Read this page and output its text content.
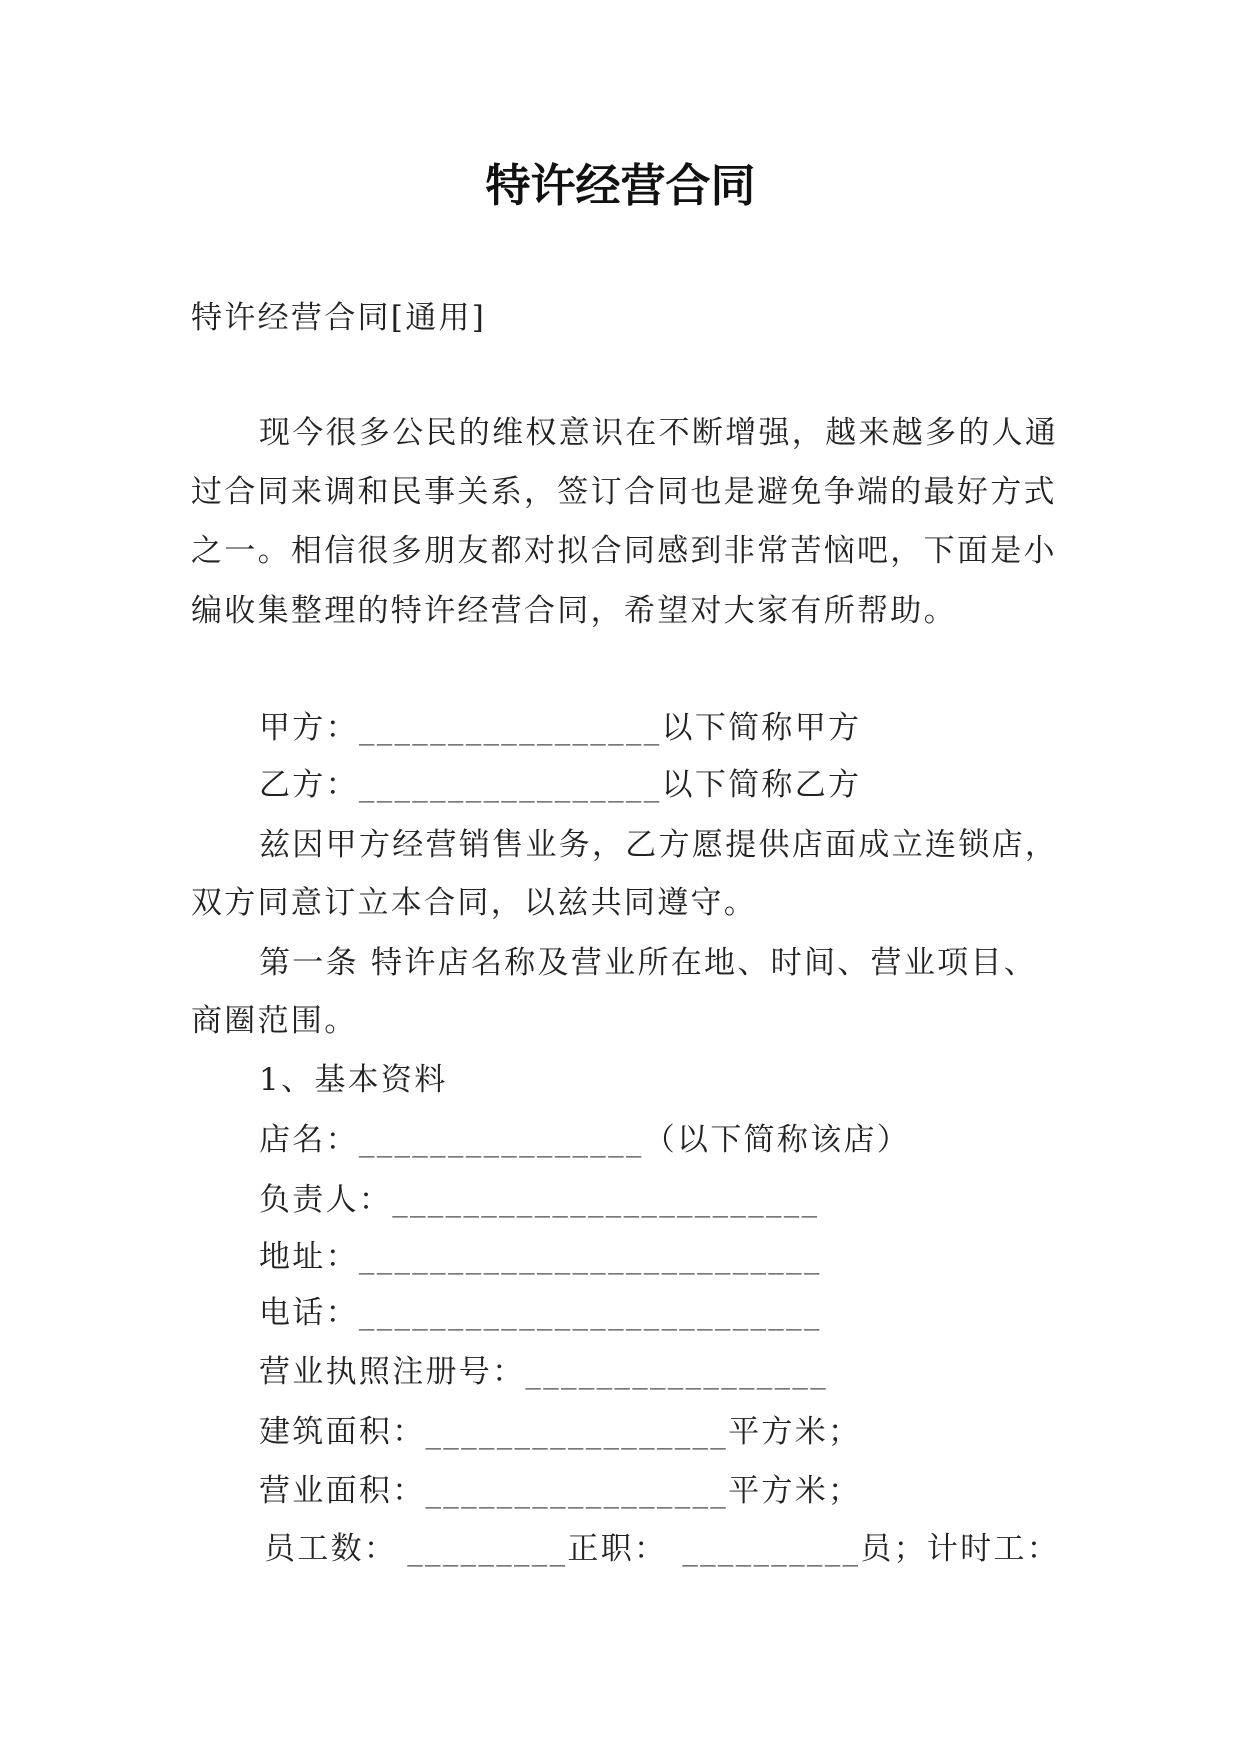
特许经营合同
特许经营合同[通用]
现今很多公民的维权意识在不断增强，越来越多的人通
过合同来调和民事关系，签订合同也是避免争端的最好方式
之一。相信很多朋友都对拟合同感到非常苦恼吧，下面是小
编收集整理的特许经营合同，希望对大家有所帮助。
甲方：_________________以下简称甲方
乙方：_________________以下简称乙方
兹因甲方经营销售业务，乙方愿提供店面成立连锁店，
双方同意订立本合同，以兹共同遵守。
第一条 特许店名称及营业所在地、时间、营业项目、
商圈范围。
1、基本资料
店名：________________（以下简称该店）
负责人：________________________
地址：__________________________
电话：__________________________
营业执照注册号：_________________
建筑面积：_________________平方米；
营业面积：_________________平方米；
员工数： _________正职： __________员；计时工：
